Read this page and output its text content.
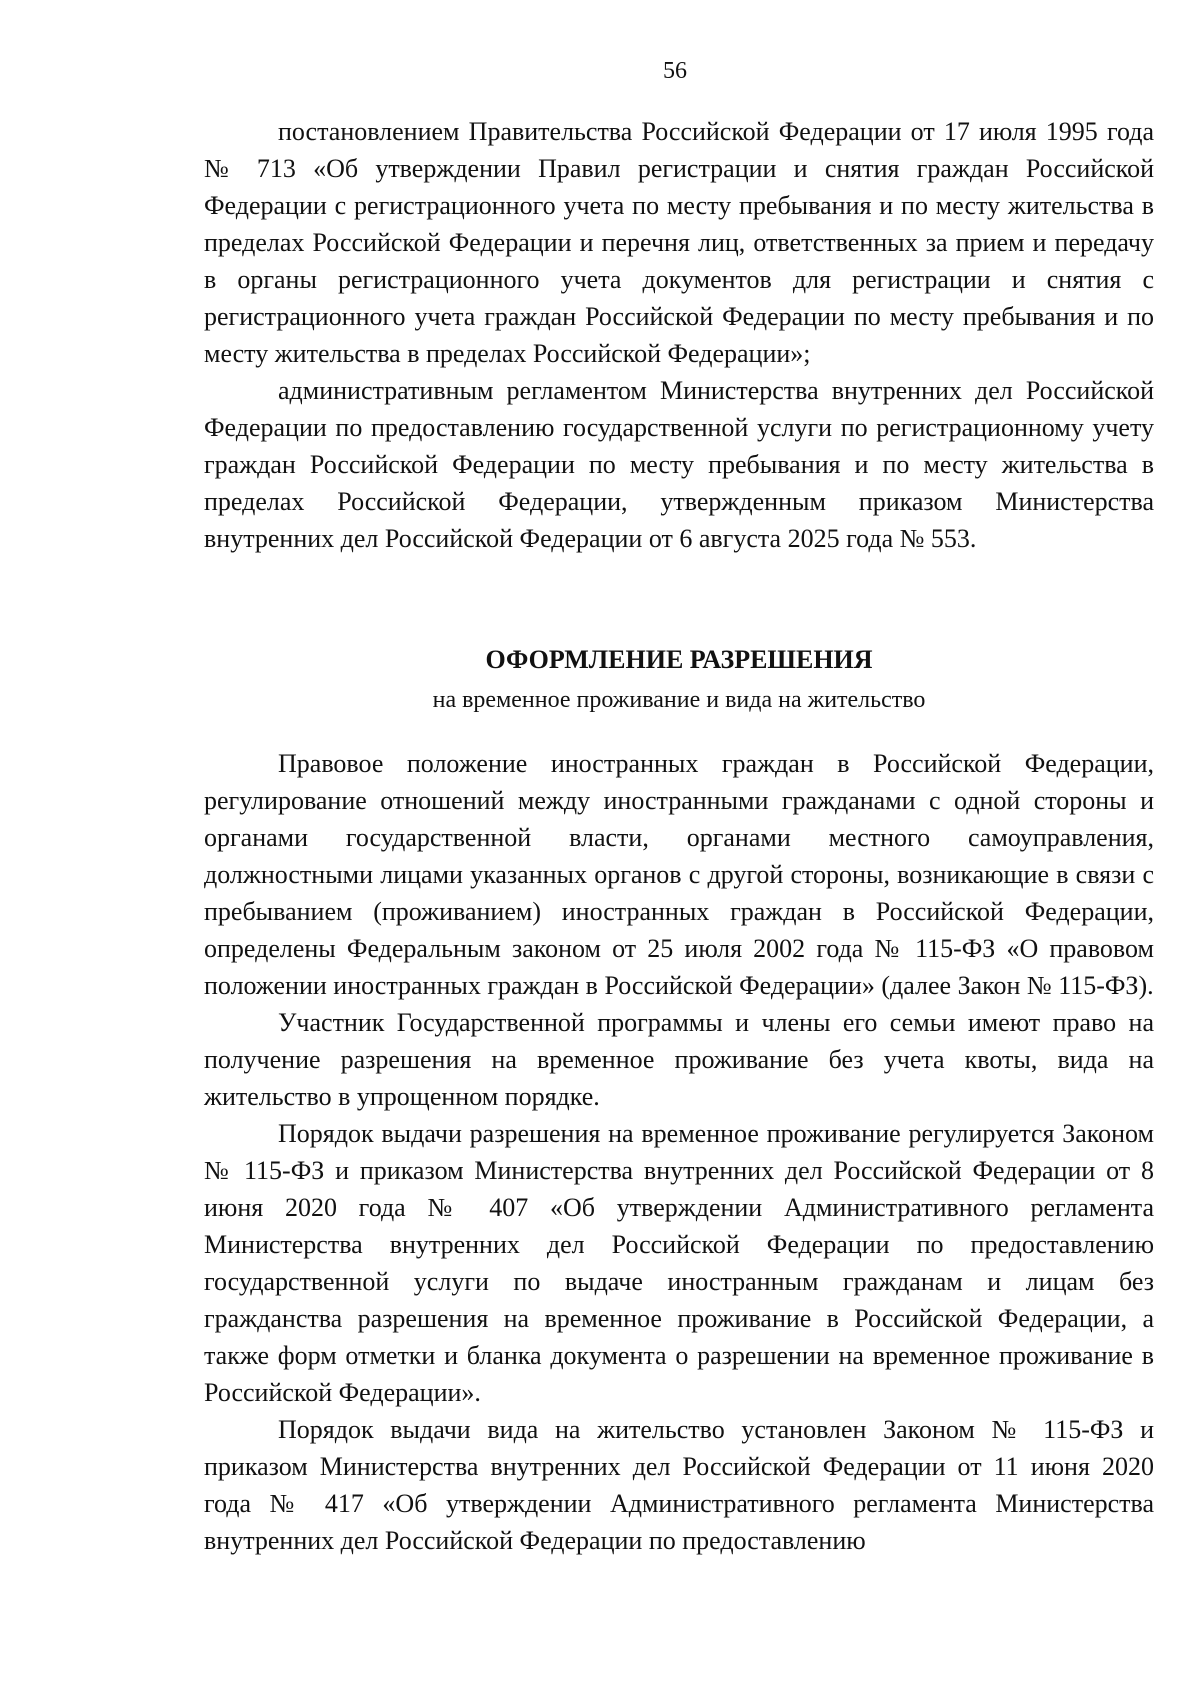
56

постановлением Правительства Российской Федерации от 17 июля 1995 года № 713 «Об утверждении Правил регистрации и снятия граждан Российской Федерации с регистрационного учета по месту пребывания и по месту жительства в пределах Российской Федерации и перечня лиц, ответственных за прием и передачу в органы регистрационного учета документов для регистрации и снятия с регистрационного учета граждан Российской Федерации по месту пребывания и по месту жительства в пределах Российской Федерации»;

административным регламентом Министерства внутренних дел Российской Федерации по предоставлению государственной услуги по регистрационному учету граждан Российской Федерации по месту пребывания и по месту жительства в пределах Российской Федерации, утвержденным приказом Министерства внутренних дел Российской Федерации от 6 августа 2025 года № 553.

ОФОРМЛЕНИЕ РАЗРЕШЕНИЯ
на временное проживание и вида на жительство

Правовое положение иностранных граждан в Российской Федерации, регулирование отношений между иностранными гражданами с одной стороны и органами государственной власти, органами местного самоуправления, должностными лицами указанных органов с другой стороны, возникающие в связи с пребыванием (проживанием) иностранных граждан в Российской Федерации, определены Федеральным законом от 25 июля 2002 года № 115-ФЗ «О правовом положении иностранных граждан в Российской Федерации» (далее Закон № 115-ФЗ).

Участник Государственной программы и члены его семьи имеют право на получение разрешения на временное проживание без учета квоты, вида на жительство в упрощенном порядке.

Порядок выдачи разрешения на временное проживание регулируется Законом № 115-ФЗ и приказом Министерства внутренних дел Российской Федерации от 8 июня 2020 года № 407 «Об утверждении Административного регламента Министерства внутренних дел Российской Федерации по предоставлению государственной услуги по выдаче иностранным гражданам и лицам без гражданства разрешения на временное проживание в Российской Федерации, а также форм отметки и бланка документа о разрешении на временное проживание в Российской Федерации».

Порядок выдачи вида на жительство установлен Законом № 115-ФЗ и приказом Министерства внутренних дел Российской Федерации от 11 июня 2020 года № 417 «Об утверждении Административного регламента Министерства внутренних дел Российской Федерации по предоставлению
